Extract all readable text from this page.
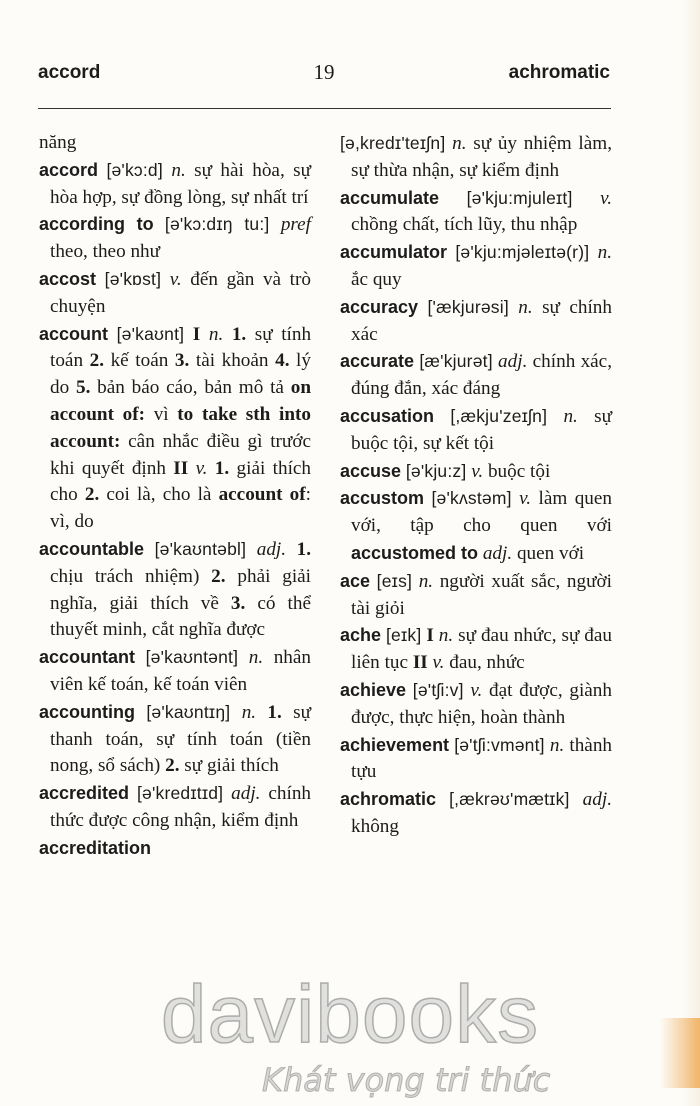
accord	19	achromatic
năng
accord [ə'kɔ:d] n. sự hài hòa, sự hòa hợp, sự đồng lòng, sự nhất trí
according to [ə'kɔ:dɪŋ tu:] pref theo, theo như
accost [ə'kɒst] v. đến gần và trò chuyện
account [ə'kaʊnt] I n. 1. sự tính toán 2. kế toán 3. tài khoản 4. lý do 5. bản báo cáo, bản mô tả on account of: vì to take sth into account: cân nhắc điều gì trước khi quyết định II v. 1. giải thích cho 2. coi là, cho là account of: vì, do
accountable [ə'kaʊntəbl] adj. 1. chịu trách nhiệm) 2. phải giải nghĩa, giải thích về 3. có thể thuyết minh, cắt nghĩa được
accountant [ə'kaʊntənt] n. nhân viên kế toán, kế toán viên
accounting [ə'kaʊntɪŋ] n. 1. sự thanh toán, sự tính toán (tiền nong, sổ sách) 2. sự giải thích
accredited [ə'kredɪtɪd] adj. chính thức được công nhận, kiểm định
accreditation
[ə,kredɪ'teɪʃn] n. sự ủy nhiệm làm, sự thừa nhận, sự kiểm định
accumulate [ə'kju:mjuleɪt] v. chồng chất, tích lũy, thu nhập
accumulator [ə'kju:mjəleɪtə(r)] n. ắc quy
accuracy ['ækjurəsi] n. sự chính xác
accurate [æ'kjurət] adj. chính xác, đúng đắn, xác đáng
accusation [,ækju'zeɪʃn] n. sự buộc tội, sự kết tội
accuse [ə'kju:z] v. buộc tội
accustom [ə'kʌstəm] v. làm quen với, tập cho quen với accustomed to adj. quen với
ace [eɪs] n. người xuất sắc, người tài giỏi
ache [eɪk] I n. sự đau nhức, sự đau liên tục II v. đau, nhức
achieve [ə'tʃi:v] v. đạt được, giành được, thực hiện, hoàn thành
achievement [ə'tʃi:vmənt] n. thành tựu
achromatic [,ækrəʊ'mætɪk] adj. không
davibooks
Khát vọng tri thức
